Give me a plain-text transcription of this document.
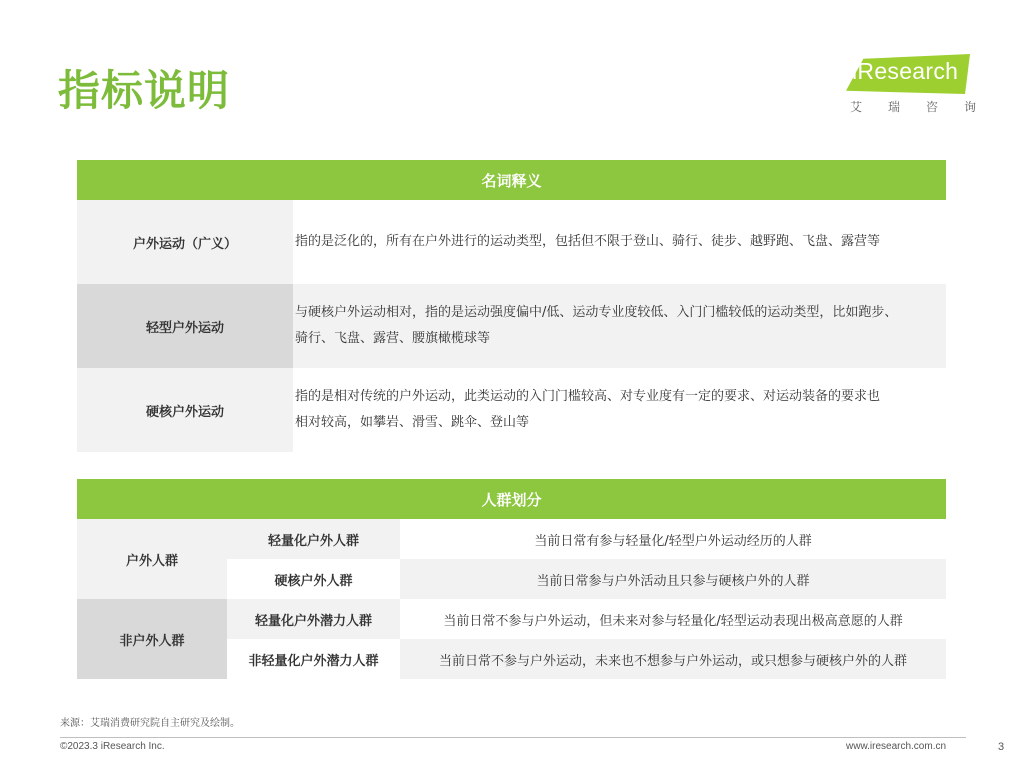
指标说明	iResearch
艾 瑞 咨 询
名词释义	
户外运动（广义）	指的是泛化的，所有在户外进行的运动类型，包括但不限于登山、骑行、徒步、越野跑、飞盘、露营等

轻型户外运动	与硬核户外运动相对，指的是运动强度偏中/低、运动专业度较低、入门门槛较低的运动类型，比如跑步、
骑行、飞盘、露营、腰旗橄榄球等

硬核户外运动	指的是相对传统的户外运动，此类运动的入门门槛较高、对专业度有一定的要求、对运动装备的要求也
相对较高，如攀岩、滑雪、跳伞、登山等
人群划分		
户外人群	轻量化户外人群	当前日常有参与轻量化/轻型户外运动经历的人群
	硬核户外人群	当前日常参与户外活动且只参与硬核户外的人群
非户外人群	轻量化户外潜力人群	当前日常不参与户外运动，但未来对参与轻量化/轻型运动表现出极高意愿的人群
	非轻量化户外潜力人群	当前日常不参与户外运动，未来也不想参与户外运动，或只想参与硬核户外的人群
来源：艾瑞消费研究院自主研究及绘制。
©2023.3 iResearch Inc.	www.iresearch.com.cn	3
